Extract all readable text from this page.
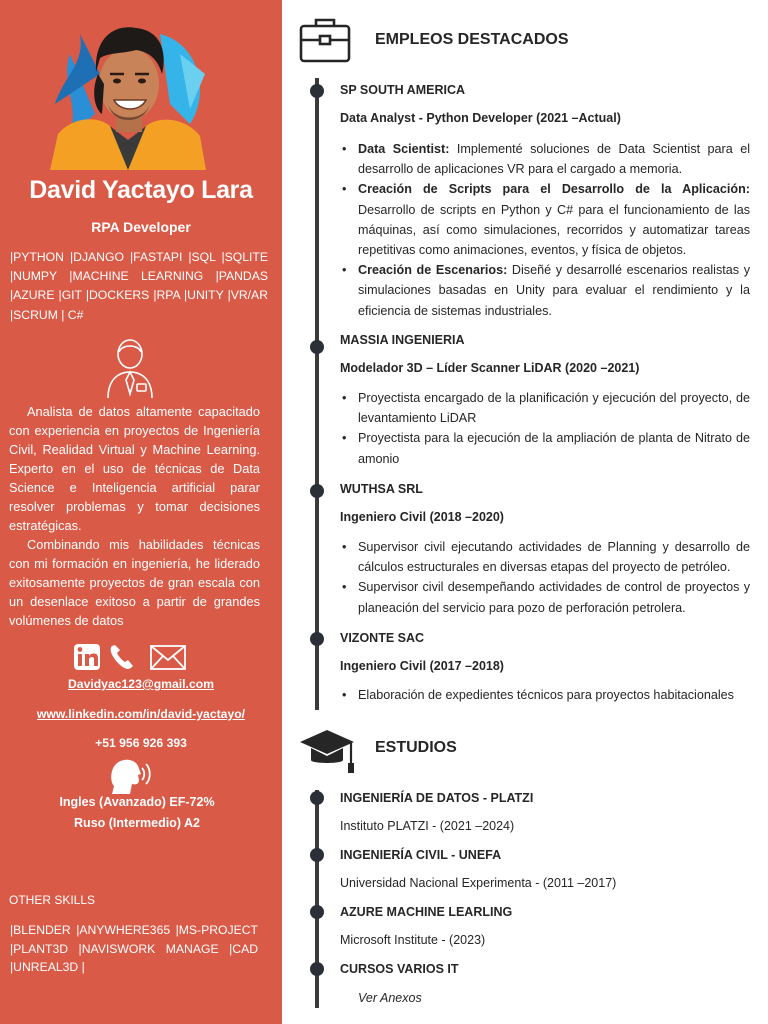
David Yactayo Lara
RPA Developer

|PYTHON |DJANGO |FASTAPI |SQL |SQLITE |NUMPY |MACHINE LEARNING |PANDAS |AZURE |GIT |DOCKERS |RPA |UNITY |VR/AR |SCRUM | C#

Analista de datos altamente capacitado con experiencia en proyectos de Ingeniería Civil, Realidad Virtual y Machine Learning. Experto en el uso de técnicas de Data Science e Inteligencia artificial parar resolver problemas y tomar decisiones estratégicas.

Combinando mis habilidades técnicas con mi formación en ingeniería, he liderado exitosamente proyectos de gran escala con un desenlace exitoso a partir de grandes volúmenes de datos

Davidyac123@gmail.com
www.linkedin.com/in/david-yactayo/
+51 956 926 393
Ingles (Avanzado) EF-72%
Ruso (Intermedio) A2
OTHER SKILLS

|BLENDER |ANYWHERE365 |MS-PROJECT |PLANT3D |NAVISWORK MANAGE |CAD |UNREAL3D |

EMPLEOS DESTACADOS
SP SOUTH AMERICA
Data Analyst - Python Developer (2021 –Actual)
• Data Scientist: Implementé soluciones de Data Scientist para el desarrollo de aplicaciones VR para el cargado a memoria.
• Creación de Scripts para el Desarrollo de la Aplicación: Desarrollo de scripts en Python y C# para el funcionamiento de las máquinas, así como simulaciones, recorridos y automatizar tareas repetitivas como animaciones, eventos, y física de objetos.
• Creación de Escenarios: Diseñé y desarrollé escenarios realistas y simulaciones basadas en Unity para evaluar el rendimiento y la eficiencia de sistemas industriales.
MASSIA INGENIERIA
Modelador 3D – Líder Scanner LiDAR (2020 –2021)
• Proyectista encargado de la planificación y ejecución del proyecto, de levantamiento LiDAR
• Proyectista para la ejecución de la ampliación de planta de Nitrato de amonio
WUTHSA SRL
Ingeniero Civil (2018 –2020)
• Supervisor civil ejecutando actividades de Planning y desarrollo de cálculos estructurales en diversas etapas del proyecto de petróleo.
• Supervisor civil desempeñando actividades de control de proyectos y planeación del servicio para pozo de perforación petrolera.
VIZONTE SAC
Ingeniero Civil (2017 –2018)
• Elaboración de expedientes técnicos para proyectos habitacionales
ESTUDIOS
INGENIERÍA DE DATOS - PLATZI
Instituto PLATZI - (2021 –2024)
INGENIERÍA CIVIL - UNEFA
Universidad Nacional Experimenta - (2011 –2017)
AZURE MACHINE LEARLING
Microsoft Institute - (2023)
CURSOS VARIOS IT
Ver Anexos
